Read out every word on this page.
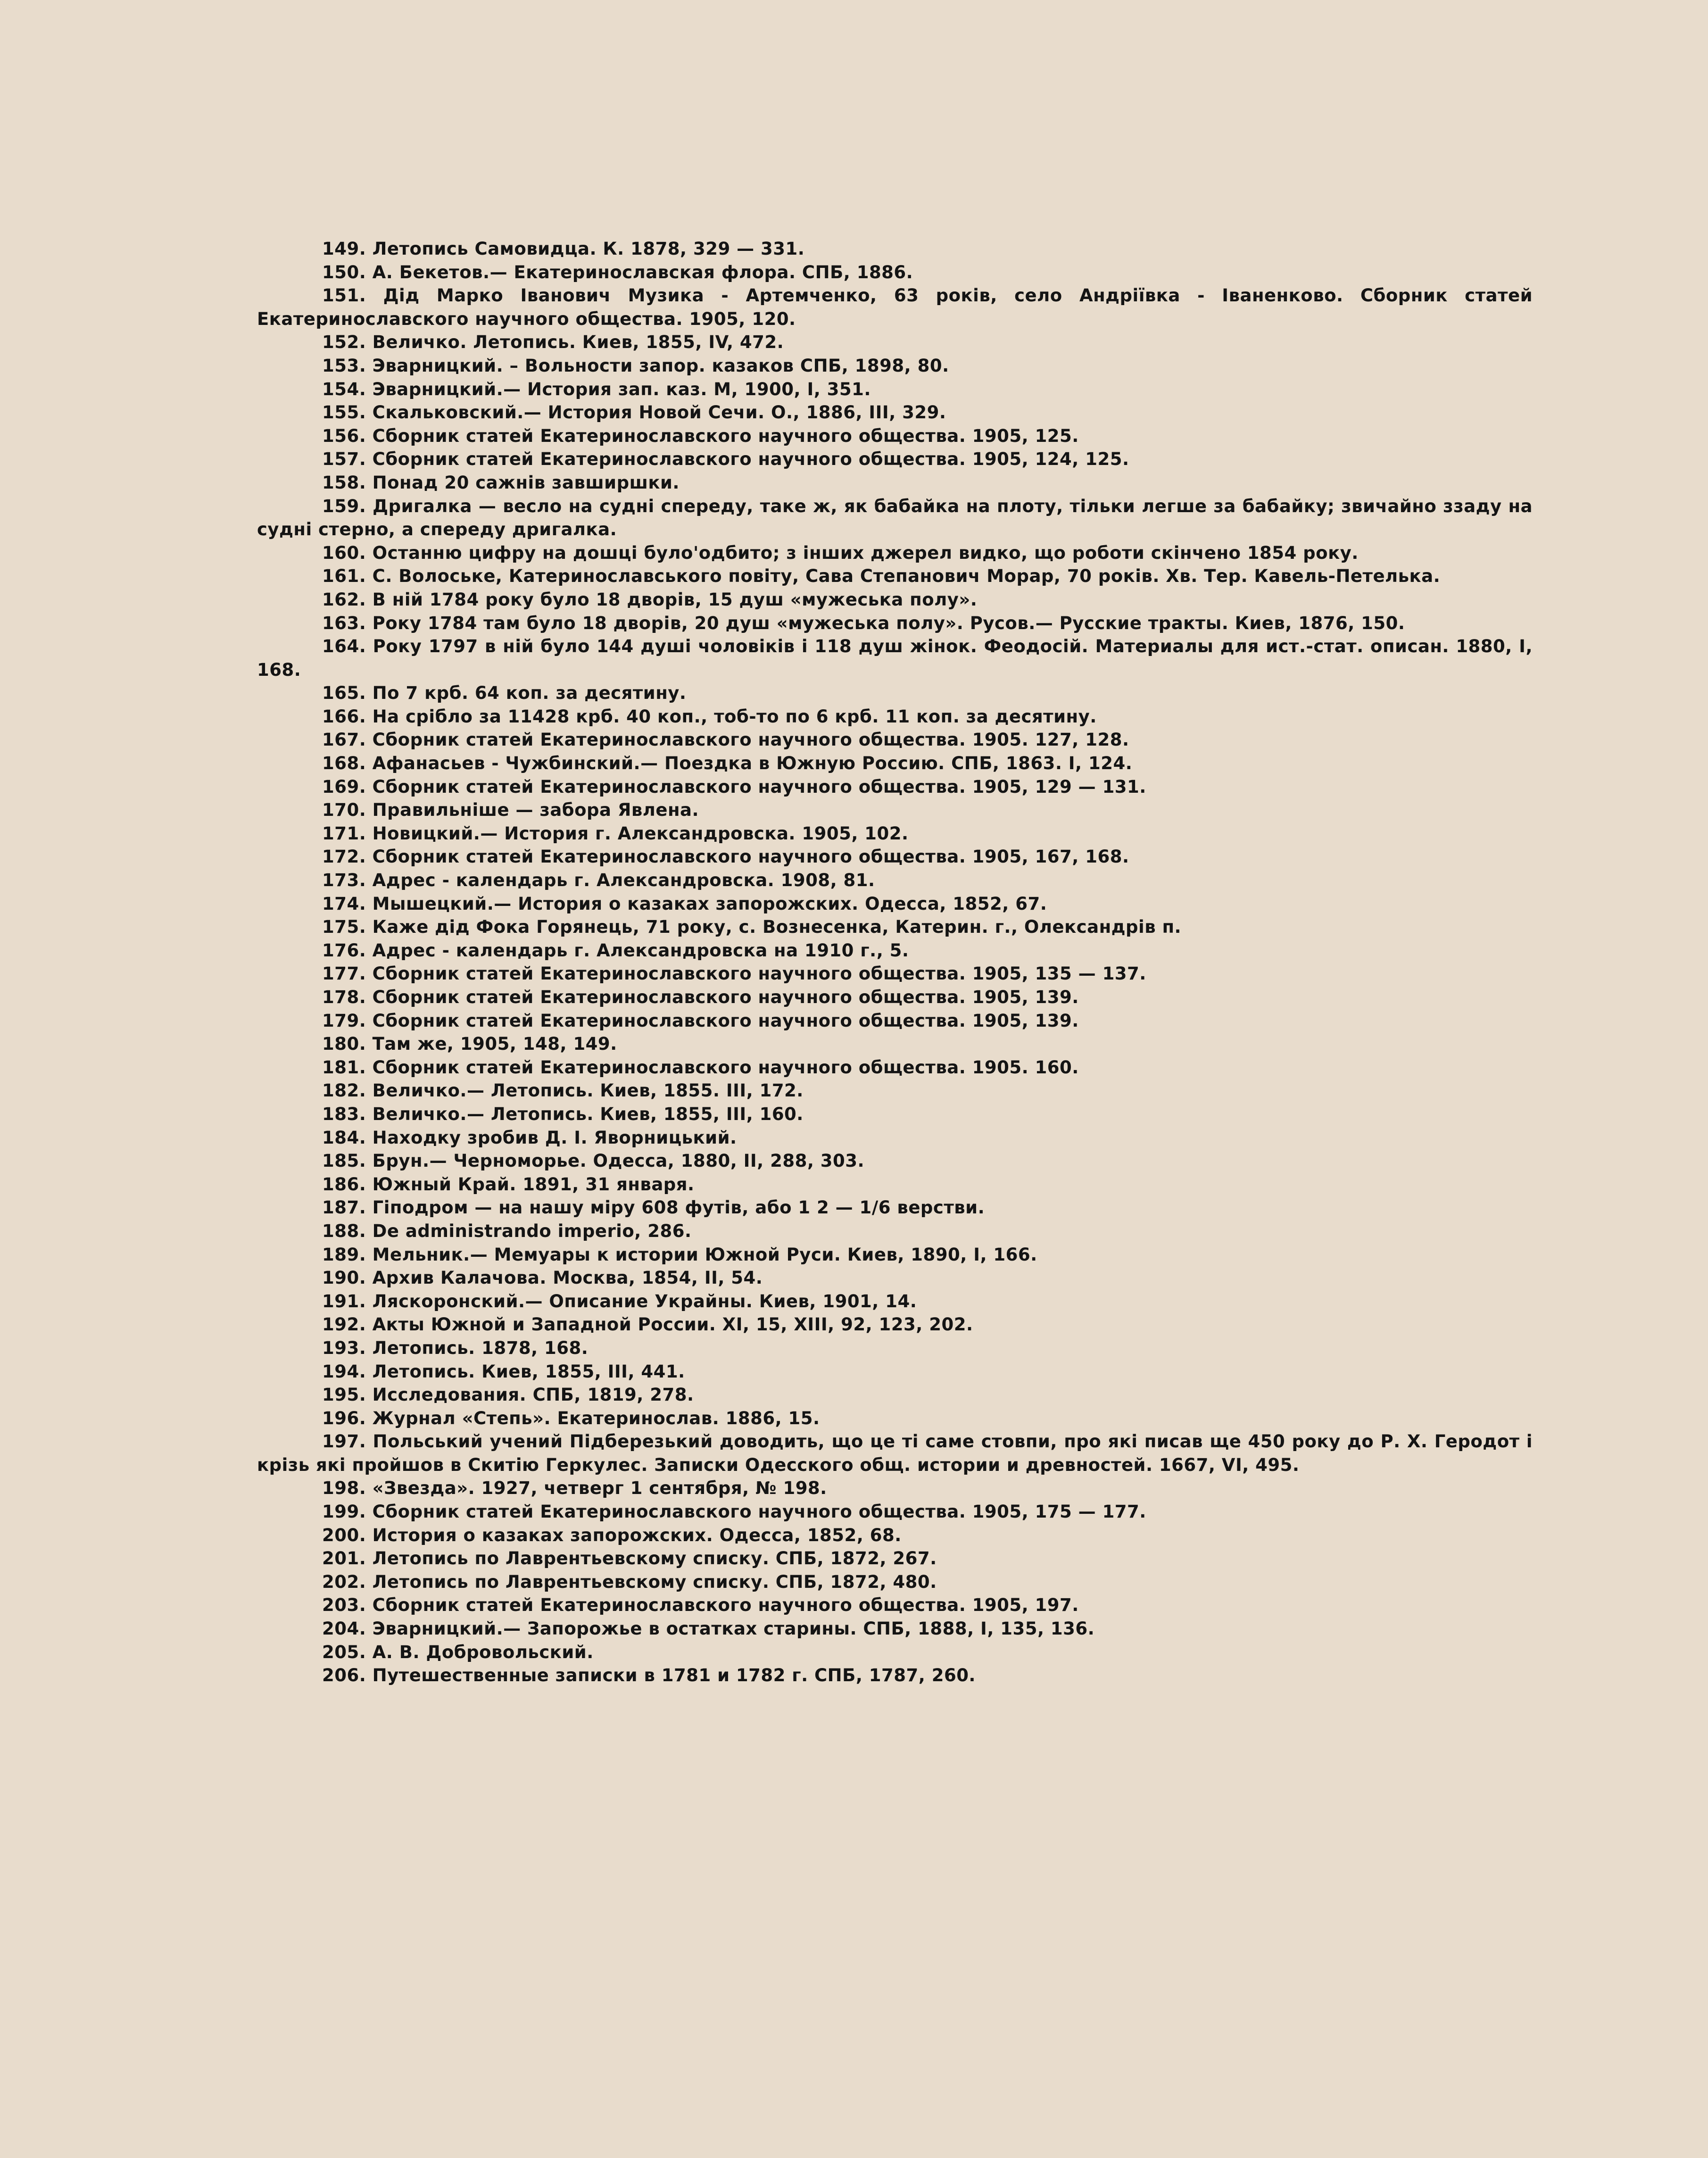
149. Летопись Самовидца. К. 1878, 329 — 331.
150. А. Бекетов.— Екатеринославская флора. СПБ, 1886.
151. Дід Марко Іванович Музика - Артемченко, 63 років, село Андріївка - Іваненково. Сборник статей Екатеринославского научного общества. 1905, 120.
152. Величко. Летопись. Киев, 1855, IV, 472.
153. Эварницкий. – Вольности запор. казаков СПБ, 1898, 80.
154. Эварницкий.— История зап. каз. М, 1900, I, 351.
155. Скальковский.— История Новой Сечи. О., 1886, III, 329.
156. Сборник статей Екатеринославского научного общества. 1905, 125.
157. Сборник статей Екатеринославского научного общества. 1905, 124, 125.
158. Понад 20 сажнів завширшки.
159. Дригалка — весло на судні спереду, таке ж, як бабайка на плоту, тільки легше за бабайку; звичайно ззаду на судні стерно, а спереду дригалка.
160. Останню цифру на дошці було'одбито; з інших джерел видко, що роботи скінчено 1854 року.
161. С. Волоське, Катеринославського повіту, Сава Степанович Морар, 70 років. Хв. Тер. Кавель-Петелька.
162. В ній 1784 року було 18 дворів, 15 душ «мужеська полу».
163. Року 1784 там було 18 дворів, 20 душ «мужеська полу». Русов.— Русские тракты. Киев, 1876, 150.
164. Року 1797 в ній було 144 душі чоловіків і 118 душ жінок. Феодосій. Материалы для ист.-стат. описан. 1880, I, 168.
165. По 7 крб. 64 коп. за десятину.
166. На срібло за 11428 крб. 40 коп., тоб-то по 6 крб. 11 коп. за десятину.
167. Сборник статей Екатеринославского научного общества. 1905. 127, 128.
168. Афанасьев - Чужбинский.— Поездка в Южную Россию. СПБ, 1863. I, 124.
169. Сборник статей Екатеринославского научного общества. 1905, 129 — 131.
170. Правильніше — забора Явлена.
171. Новицкий.— История г. Александровска. 1905, 102.
172. Сборник статей Екатеринославского научного общества. 1905, 167, 168.
173. Адрес - календарь г. Александровска. 1908, 81.
174. Мышецкий.— История о казаках запорожских. Одесса, 1852, 67.
175. Каже дід Фока Горянець, 71 року, с. Вознесенка, Катерин. г., Олександрів п.
176. Адрес - календарь г. Александровска на 1910 г., 5.
177. Сборник статей Екатеринославского научного общества. 1905, 135 — 137.
178. Сборник статей Екатеринославского научного общества. 1905, 139.
179. Сборник статей Екатеринославского научного общества. 1905, 139.
180. Там же, 1905, 148, 149.
181. Сборник статей Екатеринославского научного общества. 1905. 160.
182. Величко.— Летопись. Киев, 1855. III, 172.
183. Величко.— Летопись. Киев, 1855, III, 160.
184. Находку зробив Д. І. Яворницький.
185. Брун.— Черноморье. Одесса, 1880, II, 288, 303.
186. Южный Край. 1891, 31 января.
187. Гіподром — на нашу міру 608 футів, або 1 2 — 1/6 верстви.
188. De administrando imperio, 286.
189. Мельник.— Мемуары к истории Южной Руси. Киев, 1890, I, 166.
190. Архив Калачова. Москва, 1854, II, 54.
191. Ляскоронский.— Описание Украйны. Киев, 1901, 14.
192. Акты Южной и Западной России. XI, 15, XIII, 92, 123, 202.
193. Летопись. 1878, 168.
194. Летопись. Киев, 1855, III, 441.
195. Исследования. СПБ, 1819, 278.
196. Журнал «Степь». Екатеринослав. 1886, 15.
197. Польський учений Підберезький доводить, що це ті саме стовпи, про які писав ще 450 року до Р. Х. Геродот і крізь які пройшов в Скитію Геркулес. Записки Одесского общ. истории и древностей. 1667, VI, 495.
198. «Звезда». 1927, четверг 1 сентября, № 198.
199. Сборник статей Екатеринославского научного общества. 1905, 175 — 177.
200. История о казаках запорожских. Одесса, 1852, 68.
201. Летопись по Лаврентьевскому списку. СПБ, 1872, 267.
202. Летопись по Лаврентьевскому списку. СПБ, 1872, 480.
203. Сборник статей Екатеринославского научного общества. 1905, 197.
204. Эварницкий.— Запорожье в остатках старины. СПБ, 1888, I, 135, 136.
205. А. В. Добровольский.
206. Путешественные записки в 1781 и 1782 г. СПБ, 1787, 260.
